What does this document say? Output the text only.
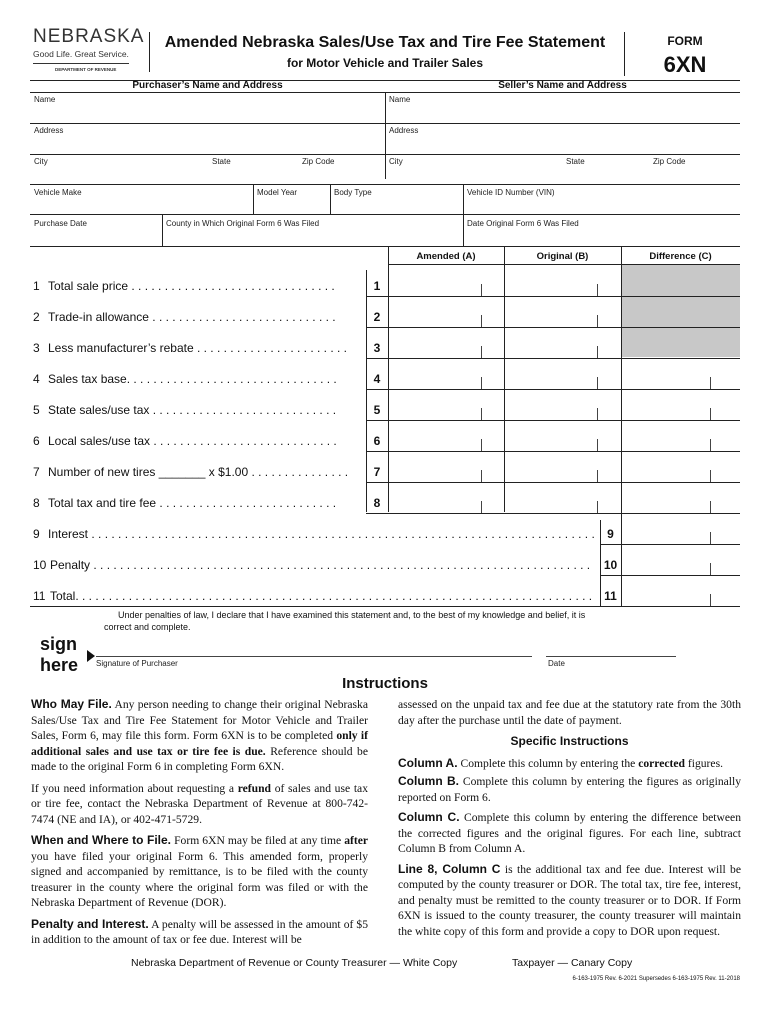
NEBRASKA
Good Life. Great Service.
DEPARTMENT OF REVENUE
Amended Nebraska Sales/Use Tax and Tire Fee Statement
for Motor Vehicle and Trailer Sales
FORM
6XN
Purchaser’s Name and Address	Seller’s Name and Address
Name	Name
Address	Address
City	State	Zip Code	City	State	Zip Code
Vehicle Make	Model Year	Body Type	Vehicle ID Number (VIN)
Purchase Date	County in Which Original Form 6 Was Filed	Date Original Form 6 Was Filed
Amended (A)	Original (B)	Difference (C)
1 Total sale price . . . . . . . . . . . . . . . . . . . . . . . . . . . . . . .	1
2 Trade-in allowance . . . . . . . . . . . . . . . . . . . . . . . . . . . .	2
3 Less manufacturer’s rebate . . . . . . . . . . . . . . . . . . . . . . .	3
4 Sales tax base. . . . . . . . . . . . . . . . . . . . . . . . . . . . . . . .	4
5 State sales/use tax . . . . . . . . . . . . . . . . . . . . . . . . . . . .	5
6 Local sales/use tax . . . . . . . . . . . . . . . . . . . . . . . . . . . .	6
7 Number of new tires _______ x $1.00 . . . . . . . . . . . . . . .	7
8 Total tax and tire fee . . . . . . . . . . . . . . . . . . . . . . . . . . .	8
9 Interest . . . . . . . . . . . . . . . . . . . . . . . . . . . . . . . . . . . . . . . . . . . . . . . . . . . . . . . . . . . . . . . . . . . . . . . . . . . .	9
10 Penalty . . . . . . . . . . . . . . . . . . . . . . . . . . . . . . . . . . . . . . . . . . . . . . . . . . . . . . . . . . . . . . . . . . . . . . . . . . .	10
11 Total. . . . . . . . . . . . . . . . . . . . . . . . . . . . . . . . . . . . . . . . . . . . . . . . . . . . . . . . . . . . . . . . . . . . . . . . . . . . . .	11
Under penalties of law, I declare that I have examined this statement and, to the best of my knowledge and belief, it is
correct and complete.
sign
here Signature of Purchaser	Date
Instructions
Who May File. Any person needing to change their original Nebraska Sales/Use Tax and Tire Fee Statement for Motor Vehicle and Trailer Sales, Form 6, may file this form. Form 6XN is to be completed only if additional sales and use tax or tire fee is due. Reference should be made to the original Form 6 in completing Form 6XN.
If you need information about requesting a refund of sales and use tax or tire fee, contact the Nebraska Department of Revenue at 800-742-7474 (NE and IA), or 402-471-5729.
When and Where to File. Form 6XN may be filed at any time after you have filed your original Form 6. This amended form, properly signed and accompanied by remittance, is to be filed with the county treasurer in the county where the original form was filed or with the Nebraska Department of Revenue (DOR).
Penalty and Interest. A penalty will be assessed in the amount of $5 in addition to the amount of tax or fee due. Interest will be
assessed on the unpaid tax and fee due at the statutory rate from the 30th day after the purchase until the date of payment.
Specific Instructions
Column A. Complete this column by entering the corrected figures.
Column B. Complete this column by entering the figures as originally reported on Form 6.
Column C. Complete this column by entering the difference between the corrected figures and the original figures. For each line, subtract Column B from Column A.
Line 8, Column C is the additional tax and fee due. Interest will be computed by the county treasurer or DOR. The total tax, tire fee, interest, and penalty must be remitted to the county treasurer or to DOR. If Form 6XN is issued to the county treasurer, the county treasurer will maintain the white copy of this form and provide a copy to DOR upon request.
Nebraska Department of Revenue or County Treasurer — White Copy	Taxpayer — Canary Copy
6-163-1975 Rev. 6-2021 Supersedes 6-163-1975 Rev. 11-2018
